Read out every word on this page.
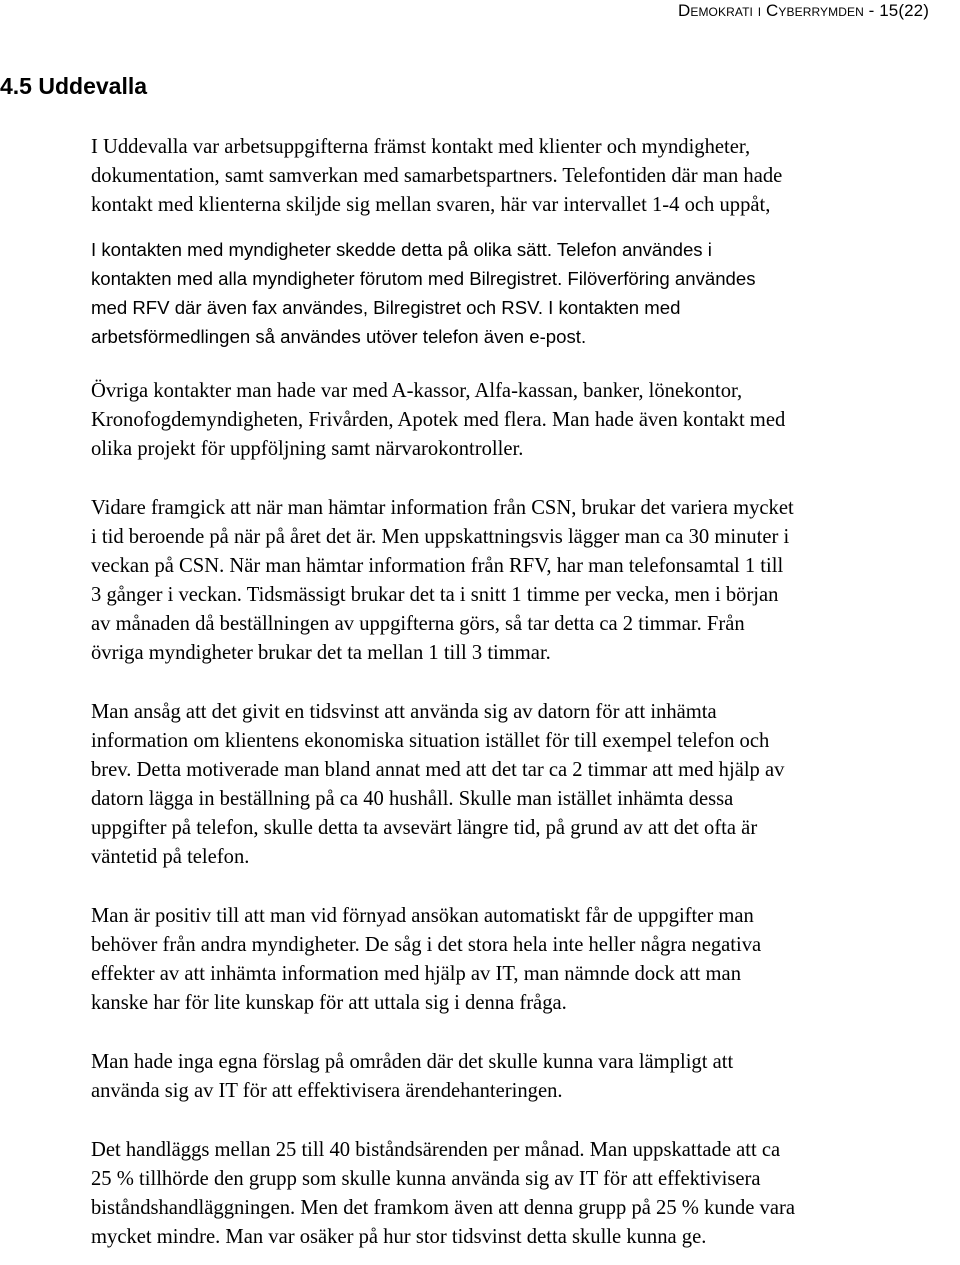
Demokrati i Cyberrymden - 15(22)
4.5 Uddevalla

I Uddevalla var arbetsuppgifterna främst kontakt med klienter och myndigheter,
dokumentation, samt samverkan med samarbetspartners. Telefontiden där man hade
kontakt med klienterna skiljde sig mellan svaren, här var intervallet 1-4 och uppåt,

I kontakten med myndigheter skedde detta på olika sätt. Telefon användes i
kontakten med alla myndigheter förutom med Bilregistret. Filöverföring användes
med RFV där även fax användes, Bilregistret och RSV. I kontakten med
arbetsförmedlingen så användes utöver telefon även e-post.

Övriga kontakter man hade var med A-kassor, Alfa-kassan, banker, lönekontor,
Kronofogdemyndigheten, Frivården, Apotek med flera. Man hade även kontakt med
olika projekt för uppföljning samt närvarokontroller.

Vidare framgick att när man hämtar information från CSN, brukar det variera mycket
i tid beroende på när på året det är. Men uppskattningsvis lägger man ca 30 minuter i
veckan på CSN. När man hämtar information från RFV, har man telefonsamtal 1 till
3 gånger i veckan. Tidsmässigt brukar det ta i snitt 1 timme per vecka, men i början
av månaden då beställningen av uppgifterna görs, så tar detta ca 2 timmar. Från
övriga myndigheter brukar det ta mellan 1 till 3 timmar.

Man ansåg att det givit en tidsvinst att använda sig av datorn för att inhämta
information om klientens ekonomiska situation istället för till exempel telefon och
brev. Detta motiverade man bland annat med att det tar ca 2 timmar att med hjälp av
datorn lägga in beställning på ca 40 hushåll. Skulle man istället inhämta dessa
uppgifter på telefon, skulle detta ta avsevärt längre tid, på grund av att det ofta är
väntetid på telefon.

Man är positiv till att man vid förnyad ansökan automatiskt får de uppgifter man
behöver från andra myndigheter. De såg i det stora hela inte heller några negativa
effekter av att inhämta information med hjälp av IT, man nämnde dock att man
kanske har för lite kunskap för att uttala sig i denna fråga.

Man hade inga egna förslag på områden där det skulle kunna vara lämpligt att
använda sig av IT för att effektivisera ärendehanteringen.

Det handläggs mellan 25 till 40 biståndsärenden per månad. Man uppskattade att ca
25 % tillhörde den grupp som skulle kunna använda sig av IT för att effektivisera
biståndshandläggningen. Men det framkom även att denna grupp på 25 % kunde vara
mycket mindre. Man var osäker på hur stor tidsvinst detta skulle kunna ge.
